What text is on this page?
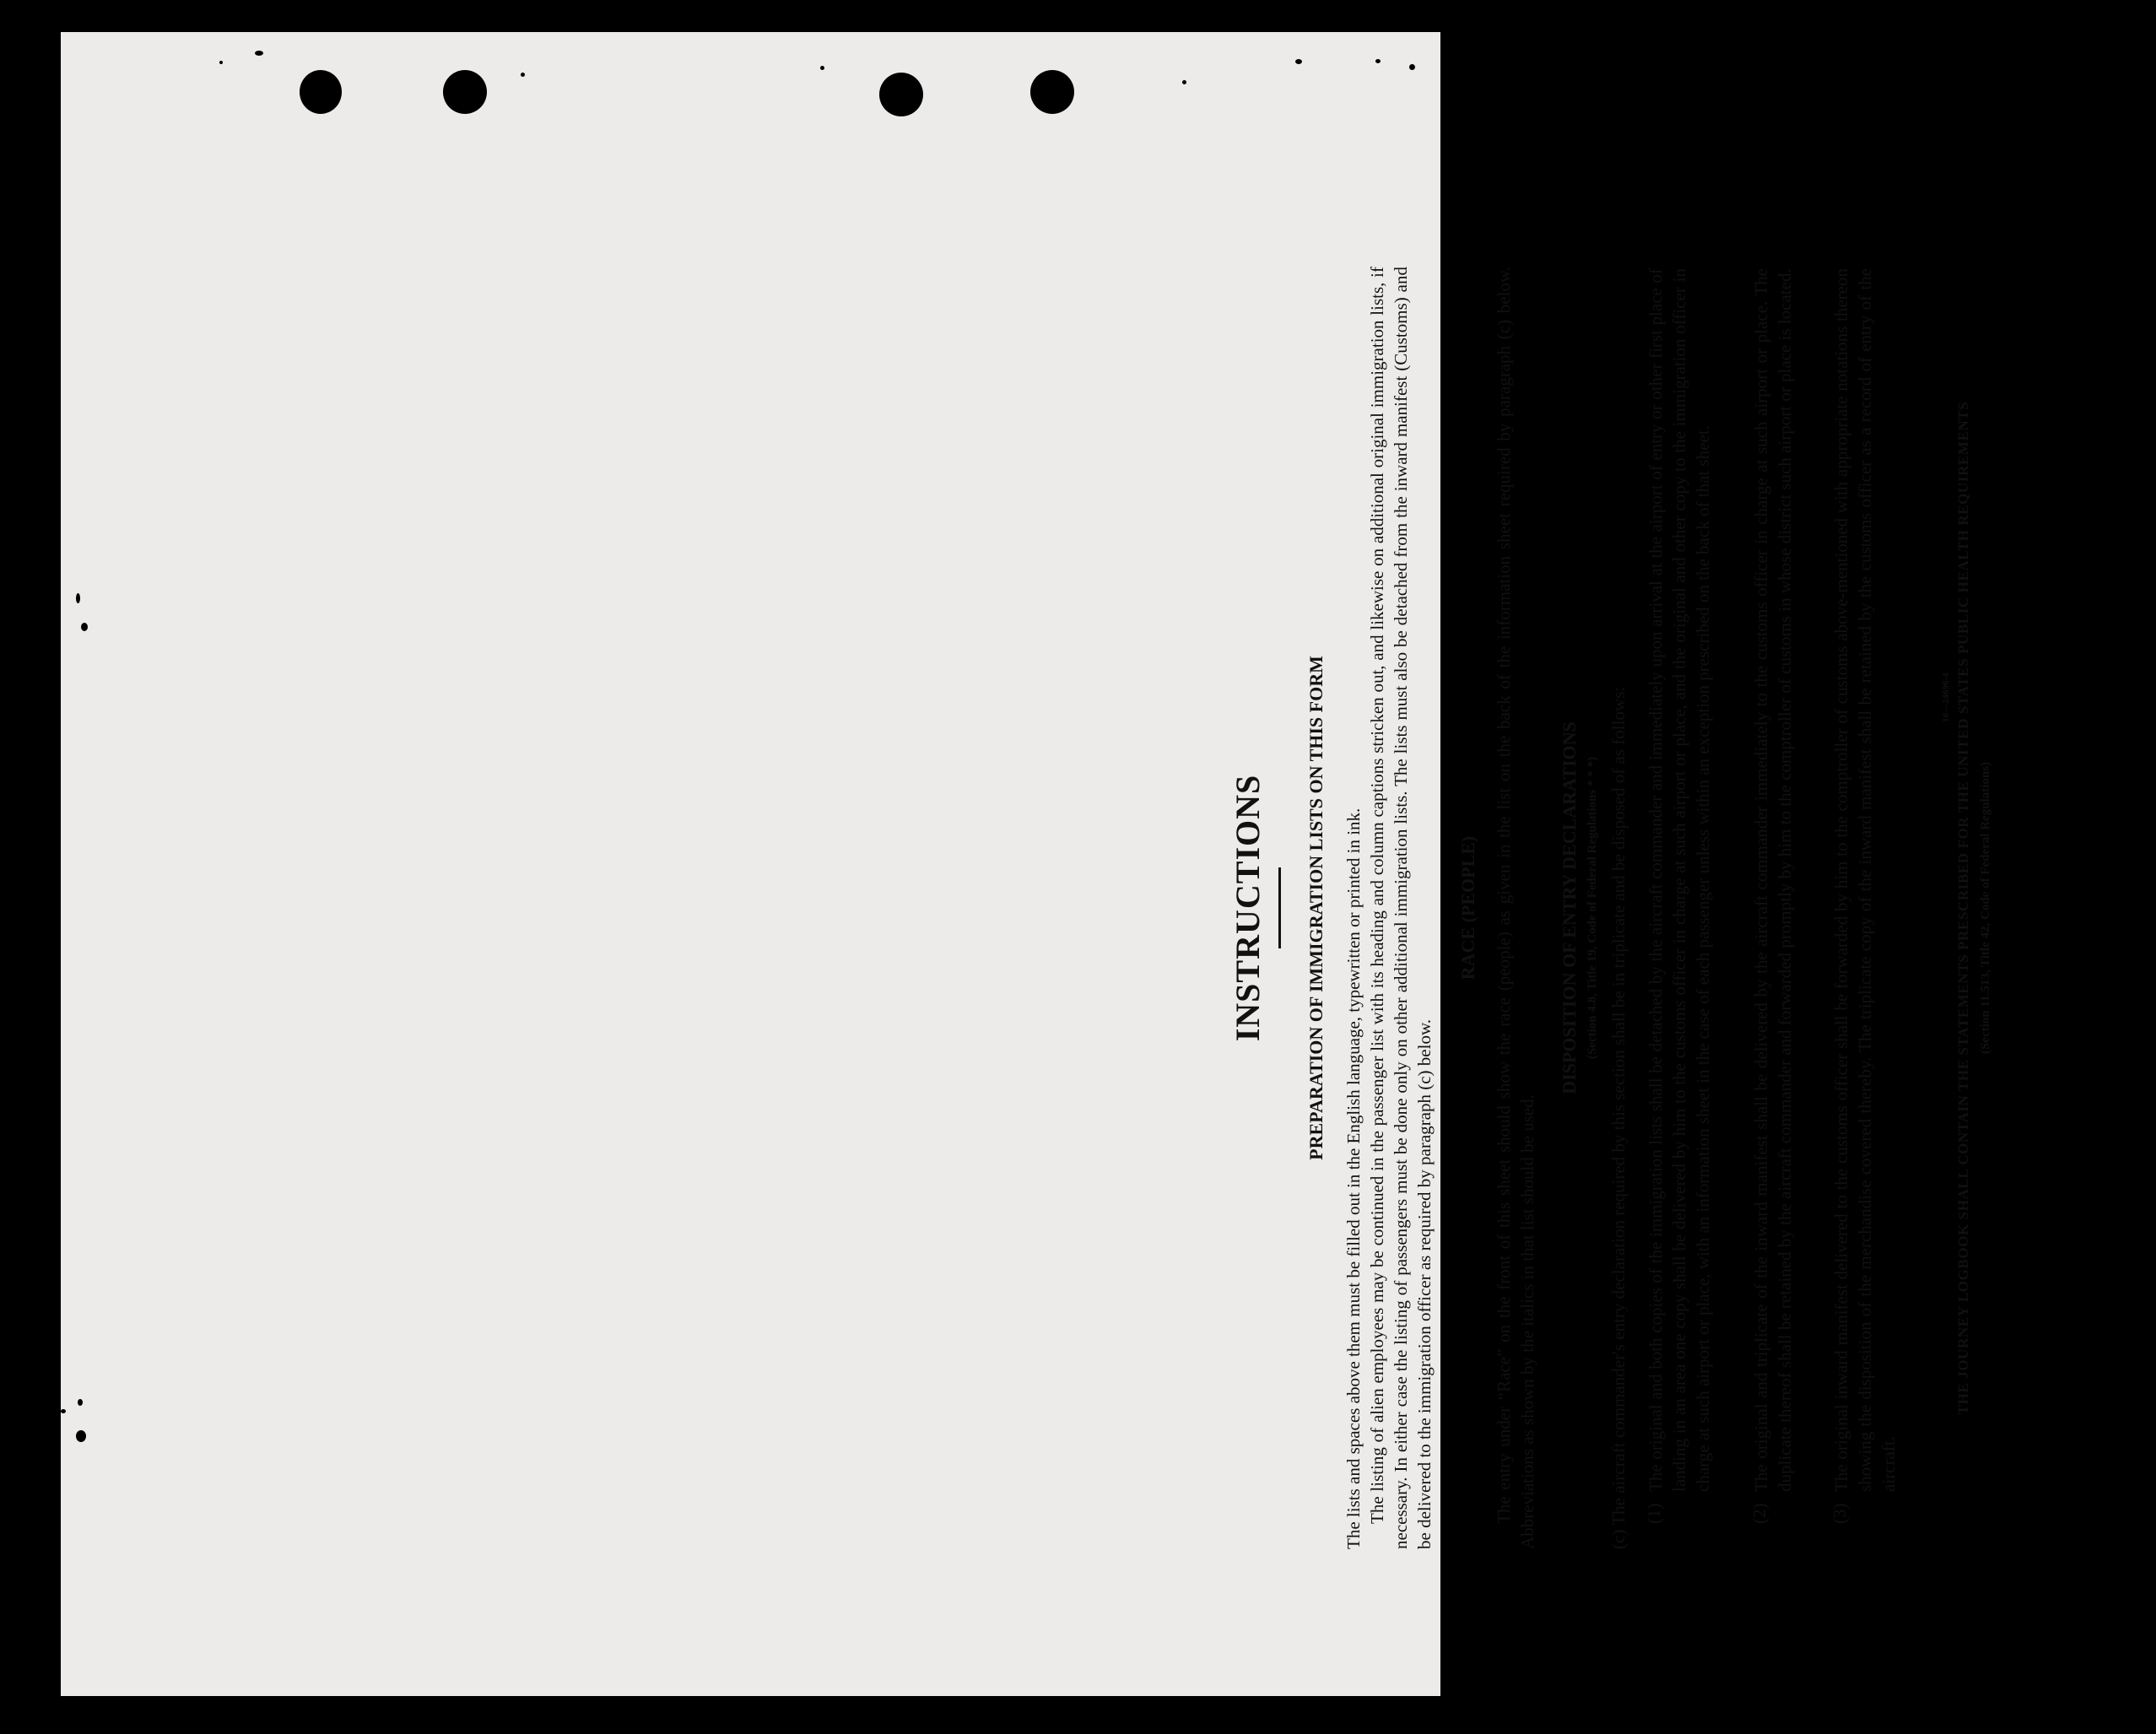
INSTRUCTIONS PREPARATION OF IMMIGRATION LISTS ON THIS FORM The lists and spaces above them must be filled out in the English language, typewritten or printed in ink. The listing of alien employees may be continued in the passenger list with its heading and column captions stricken out, and likewise on additional original immigration lists, if necessary. In either case the listing of passengers must be done only on other additional immigration lists. The lists must also be detached from the inward manifest (Customs) and be delivered to the immigration officer as required by paragraph (c) below.
RACE (PEOPLE) The entry under “Race” on the front of this sheet should show the race (people) as given in the list on the back of the information sheet required by paragraph (c) below. Abbreviations as shown by the italics in that list should be used.
DISPOSITION OF ENTRY DECLARATIONS (Section 4.8, Title 19, Code of Federal Regulations * * *) (c) The aircraft commander's entry declaration required by this section shall be in triplicate and be disposed of as follows: (1)
The original and both copies of the immigration lists shall be detached by the aircraft commander and immediately upon arrival at the airport of entry or other first place of landing in an area one copy shall be delivered by him to the customs officer in charge at such airport or place, and the original and other copy to the immigration officer in charge at such airport or place, with an information sheet in the case of each passenger unless within an exception prescribed on the back of that sheet.
(2)
The original and triplicate of the inward manifest shall be delivered by the aircraft commander immediately to the customs officer in charge at such airport or place. The duplicate thereof shall be retained by the aircraft commander and forwarded promptly by him to the comptroller of customs in whose district such airport or place is located.
(3)
The original inward manifest delivered to the customs officer shall be forwarded by him to the comptroller of customs above-mentioned with appropriate notations thereon showing the disposition of the merchandise covered thereby. The triplicate copy of the inward manifest shall be retained by the customs officer as a record of entry of the aircraft.
16—24696-4 THE JOURNEY LOGBOOK SHALL CONTAIN THE STATEMENTS PRESCRIBED FOR THE UNITED STATES PUBLIC HEALTH REQUIREMENTS (Section 11.513, Title 42, Code of Federal Regulations)
